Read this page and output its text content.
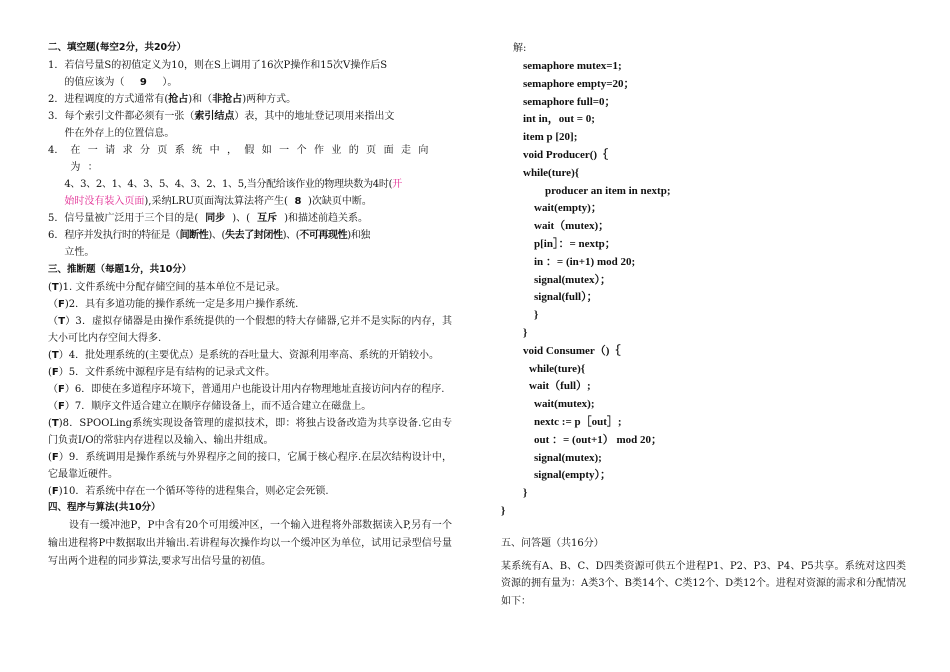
二、填空题(每空2分，共20分）
1． 若信号量S的初值定义为10，则在S上调用了16次P操作和15次V操作后S
的值应该为（ 9 ）。
2． 进程调度的方式通常有(抢占)和（非抢占)两种方式。
3． 每个索引文件都必须有一张（索引结点）表，其中的地址登记项用来指出文
件在外存上的位置信息。
4． 在一请求分页系统中，假如一个作业的页面走向为：
4、3、2、1、4、3、5、4、3、2、1、5,当分配给该作业的物理块数为4时(开
始时没有装入页面),采纳LRU页面淘汰算法将产生( 8 )次缺页中断。
5． 信号量被广泛用于三个目的是( 同步 )、( 互斥 )和描述前趋关系。
6． 程序并发执行时的特征是（间断性)、(失去了封闭性)、(不可再现性)和独
立性。
三、推断题（每题1分，共10分）
(T)1. 文件系统中分配存储空间的基本单位不是记录。
（F)2．具有多道功能的操作系统一定是多用户操作系统.
（T）3．虚拟存储器是由操作系统提供的一个假想的特大存储器,它并不是实际的内存，其大小可比内存空间大得多.
(T）4．批处理系统的(主要优点）是系统的吞吐量大、资源利用率高、系统的开销较小。
(F）5．文件系统中源程序是有结构的记录式文件。
（F）6．即使在多道程序环境下，普通用户也能设计用内存物理地址直接访问内存的程序.
（F）7．顺序文件适合建立在顺序存储设备上，而不适合建立在磁盘上。
(T)8．SPOOLing系统实现设备管理的虚拟技术，即：将独占设备改造为共享设备.它由专门负责I/O的常驻内存进程以及输入、输出井组成。
(F）9．系统调用是操作系统与外界程序之间的接口，它属于核心程序.在层次结构设计中，它最靠近硬件。
(F)10．若系统中存在一个循环等待的进程集合，则必定会死锁.
四、程序与算法(共10分）
设有一缓冲池P，P中含有20个可用缓冲区，一个输入进程将外部数据读入P,另有一个输出进程将P中数据取出并输出.若讲程每次操作均以一个缓冲区为单位，试用记录型信号量写出两个进程的同步算法,要求写出信号量的初值。
解:
semaphore mutex=1;
semaphore empty=20；
semaphore full=0；
int in，out = 0;
item p [20];
void Producer()｛
while(ture){
producer an item in nextp;
wait(empty)；
wait（mutex)；
p[in］：= nextp；
in ：= (in+1) mod 20;
signal(mutex）；
signal(full）；
}
}
void Consumer（)｛
while(ture){
wait（full）;
wait(mutex);
nextc := p［out］;
out ：= (out+1） mod 20；
signal(mutex);
signal(empty）；
}
}
五、问答题（共16分）
某系统有A、B、C、D四类资源可供五个进程P1、P2、P3、P4、P5共享。系统对这四类资源的拥有量为：A类3个、B类14个、C类12个、D类12个。进程对资源的需求和分配情况如下：
